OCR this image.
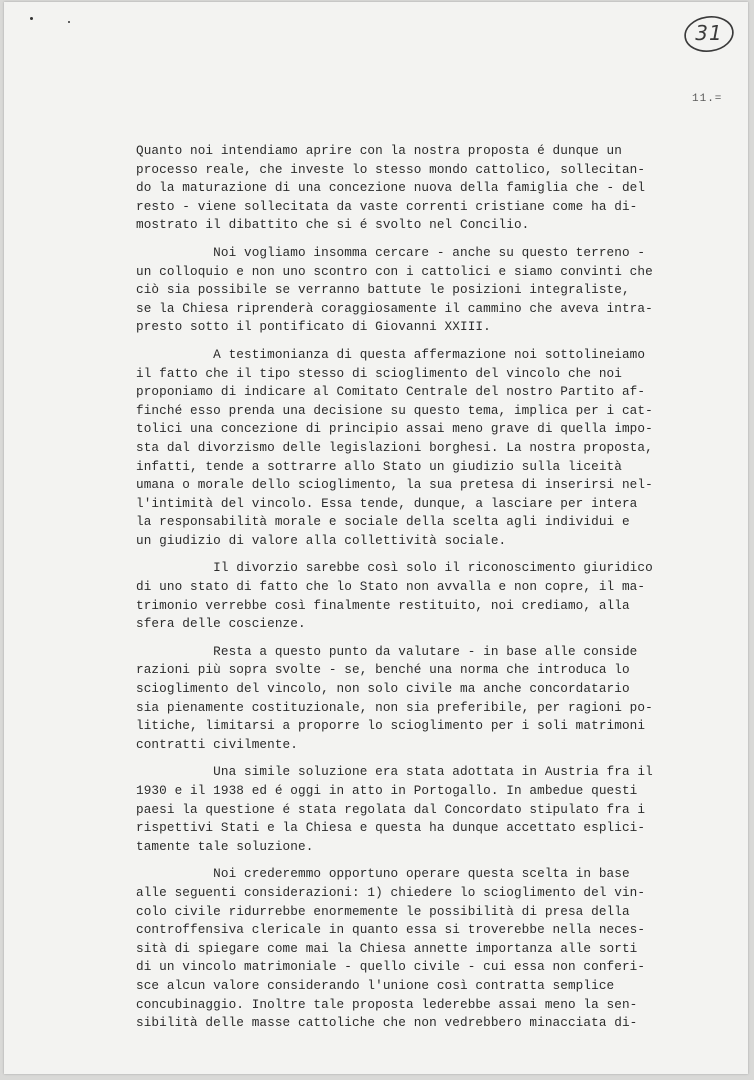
31
11.=
Quanto noi intendiamo aprire con la nostra proposta é dunque un
processo reale, che investe lo stesso mondo cattolico, sollecitan-
do la maturazione di una concezione nuova della famiglia che - del
resto - viene sollecitata da vaste correnti cristiane come ha di-
mostrato il dibattito che si é svolto nel Concilio.
Noi vogliamo insomma cercare - anche su questo terreno -
un colloquio e non uno scontro con i cattolici e siamo convinti che
ciò sia possibile se verranno battute le posizioni integraliste,
se la Chiesa riprenderà coraggiosamente il cammino che aveva intra-
presto sotto il pontificato di Giovanni XXIII.
A testimonianza di questa affermazione noi sottolineiamo
il fatto che il tipo stesso di scioglimento del vincolo che noi
proponiamo di indicare al Comitato Centrale del nostro Partito af-
finché esso prenda una decisione su questo tema, implica per i cat-
tolici una concezione di principio assai meno grave di quella impo-
sta dal divorzismo delle legislazioni borghesi. La nostra proposta,
infatti, tende a sottrarre allo Stato un giudizio sulla liceità
umana o morale dello scioglimento, la sua pretesa di inserirsi nel-
l'intimità del vincolo. Essa tende, dunque, a lasciare per intera
la responsabilità morale e sociale della scelta agli individui e
un giudizio di valore alla collettività sociale.
Il divorzio sarebbe così solo il riconoscimento giuridico
di uno stato di fatto che lo Stato non avvalla e non copre, il ma-
trimonio verrebbe così finalmente restituito, noi crediamo, alla
sfera delle coscienze.
Resta a questo punto da valutare - in base alle conside
razioni più sopra svolte - se, benché una norma che introduca lo
scioglimento del vincolo, non solo civile ma anche concordatario
sia pienamente costituzionale, non sia preferibile, per ragioni po-
litiche, limitarsi a proporre lo scioglimento per i soli matrimoni
contratti civilmente.
Una simile soluzione era stata adottata in Austria fra il
1930 e il 1938 ed é oggi in atto in Portogallo. In ambedue questi
paesi la questione é stata regolata dal Concordato stipulato fra i
rispettivi Stati e la Chiesa e questa ha dunque accettato esplici-
tamente tale soluzione.
Noi crederemmo opportuno operare questa scelta in base
alle seguenti considerazioni: 1) chiedere lo scioglimento del vin-
colo civile ridurrebbe enormemente le possibilità di presa della
controffensiva clericale in quanto essa si troverebbe nella neces-
sità di spiegare come mai la Chiesa annette importanza alle sorti
di un vincolo matrimoniale - quello civile - cui essa non conferi-
sce alcun valore considerando l'unione così contratta semplice
concubinaggio. Inoltre tale proposta lederebbe assai meno la sen-
sibilità delle masse cattoliche che non vedrebbero minacciata di-
